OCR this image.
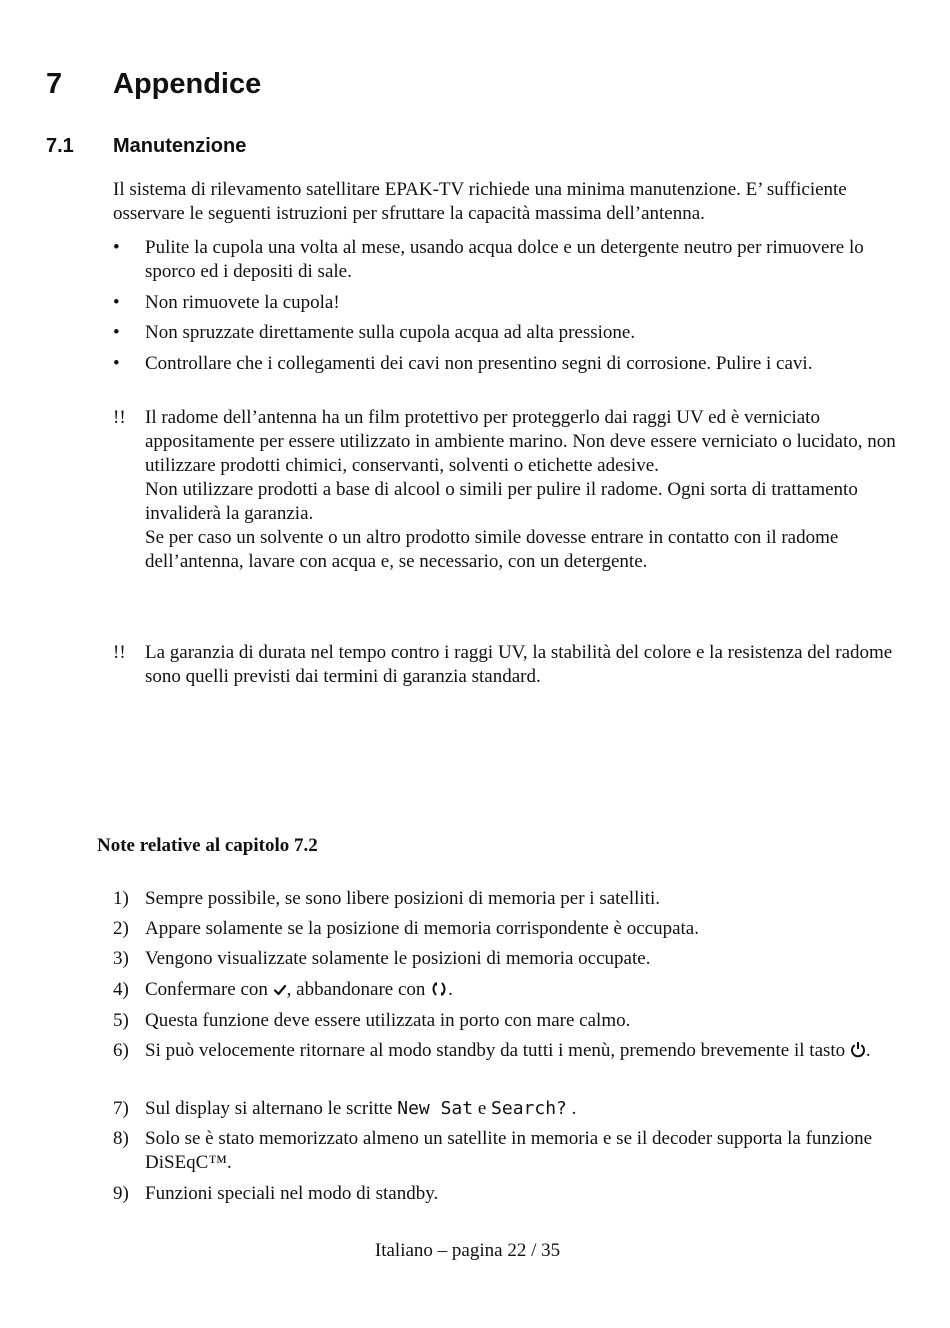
7 Appendice
7.1 Manutenzione
Il sistema di rilevamento satellitare EPAK-TV richiede una minima manutenzione. E’ sufficiente osservare le seguenti istruzioni per sfruttare la capacità massima dell’antenna.
•	Pulite la cupola una volta al mese, usando acqua dolce e un detergente neutro per rimuovere lo sporco ed i depositi di sale.
•	Non rimuovete la cupola!
•	Non spruzzate direttamente sulla cupola acqua ad alta pressione.
•	Controllare che i collegamenti dei cavi non presentino segni di corrosione. Pulire i cavi.
!!	Il radome dell’antenna ha un film protettivo per proteggerlo dai raggi UV ed è verniciato appositamente per essere utilizzato in ambiente marino. Non deve essere verniciato o lucidato, non utilizzare prodotti chimici, conservanti, solventi o etichette adesive.
Non utilizzare prodotti a base di alcool o simili per pulire il radome. Ogni sorta di trattamento invaliderà la garanzia.
Se per caso un solvente o un altro prodotto simile dovesse entrare in contatto con il radome dell’antenna, lavare con acqua e, se necessario, con un detergente.
!!	La garanzia di durata nel tempo contro i raggi UV, la stabilità del colore e la resistenza del radome sono quelli previsti dai termini di garanzia standard.
Note relative al capitolo 7.2
1) Sempre possibile, se sono libere posizioni di memoria per i satelliti.
2) Appare solamente se la posizione di memoria corrispondente è occupata.
3) Vengono visualizzate solamente le posizioni di memoria occupate.
4) Confermare con , abbandonare con .
5) Questa funzione deve essere utilizzata in porto con mare calmo.
6) Si può velocemente ritornare al modo standby da tutti i menù, premendo brevemente il tasto .
7) Sul display si alternano le scritte New Sat e Search? .
8) Solo se è stato memorizzato almeno un satellite in memoria e se il decoder supporta la funzione DiSEqC™.
9) Funzioni speciali nel modo di standby.
Italiano – pagina 22 / 35
